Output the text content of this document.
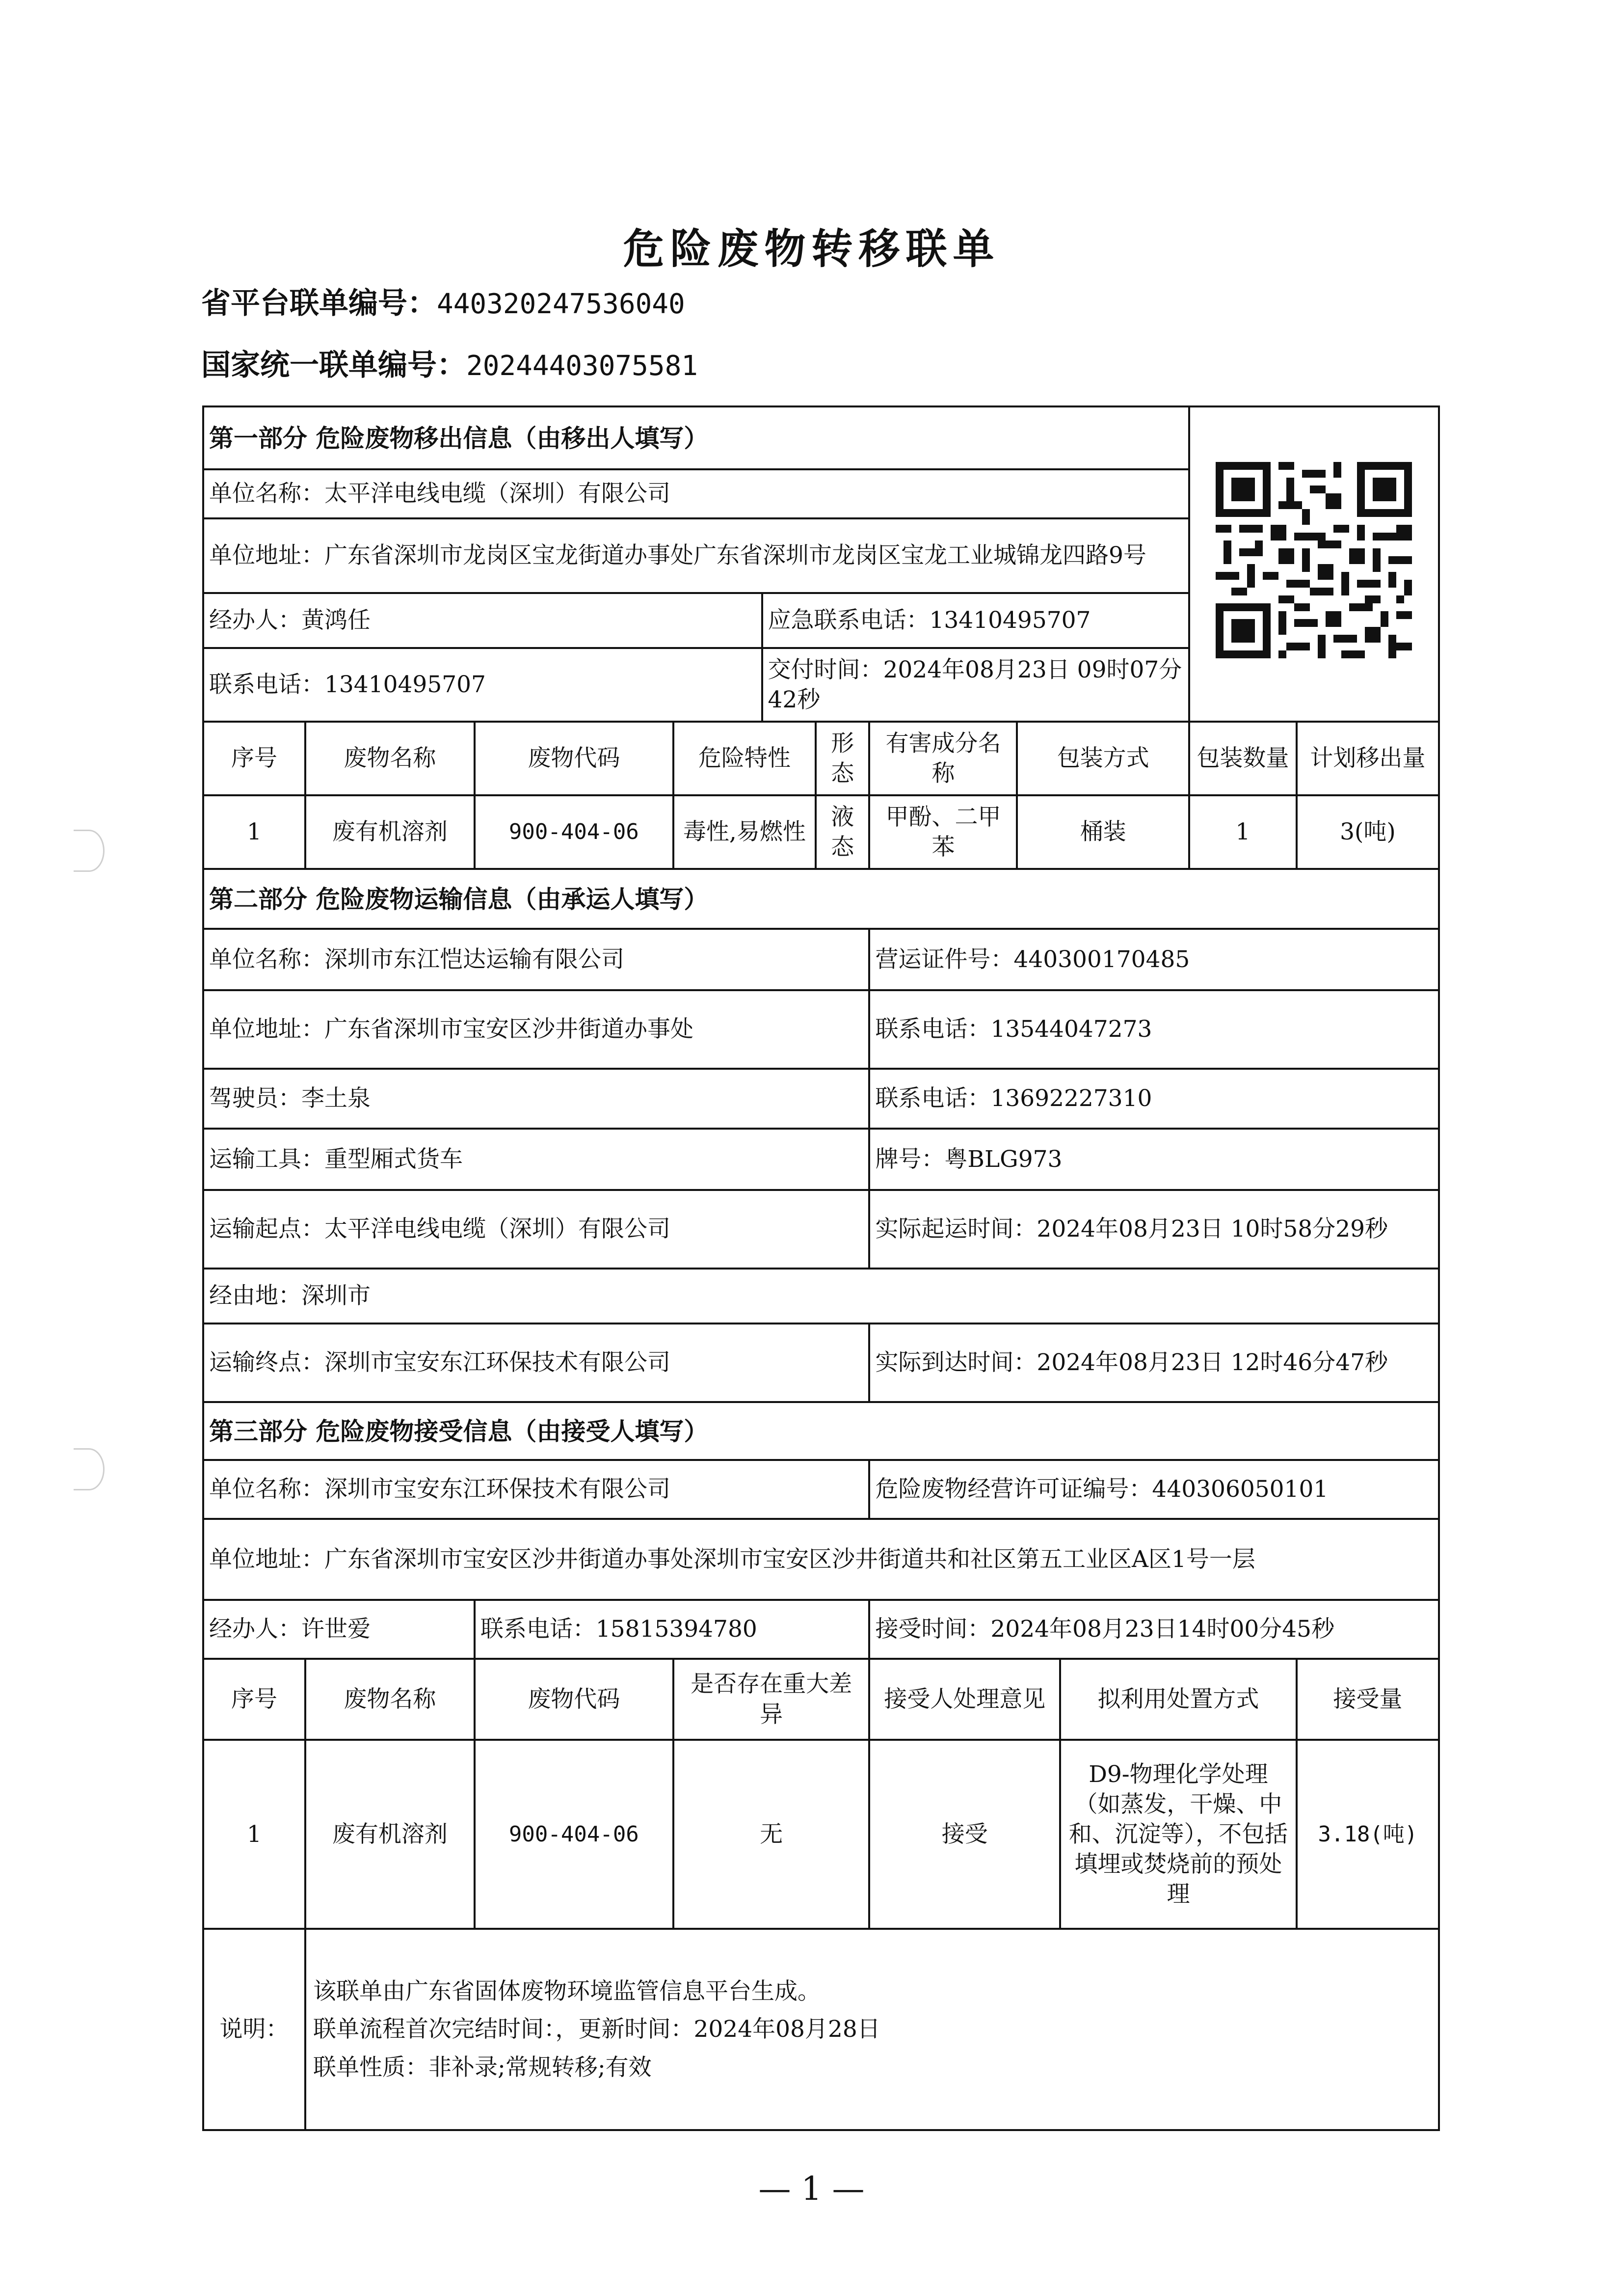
危险废物转移联单
省平台联单编号：440320247536040
国家统一联单编号：20244403075581
第一部分 危险废物移出信息（由移出人填写）	
单位名称：太平洋电线电缆（深圳）有限公司										
单位地址：广东省深圳市龙岗区宝龙街道办事处广东省深圳市龙岗区宝龙工业城锦龙四路9号										
经办人：黄鸿任				应急联系电话：13410495707						
联系电话：13410495707				交付时间：2024年08月23日 09时07分42秒						
序号	废物名称	废物代码	危险特性		形态	有害成分名称	包装方式		包装数量	计划移出量
1	废有机溶剂	900-404-06	毒性,易燃性		液态	甲酚、二甲苯	桶装		1	3(吨)
第二部分 危险废物运输信息（由承运人填写）										
单位名称：深圳市东江恺达运输有限公司						营运证件号：440300170485				
单位地址：广东省深圳市宝安区沙井街道办事处						联系电话：13544047273				
驾驶员：李土泉						联系电话：13692227310				
运输工具：重型厢式货车						牌号：粤BLG973				
运输起点：太平洋电线电缆（深圳）有限公司						实际起运时间：2024年08月23日 10时58分29秒				
经由地：深圳市										
运输终点：深圳市宝安东江环保技术有限公司						实际到达时间：2024年08月23日 12时46分47秒				
第三部分 危险废物接受信息（由接受人填写）										
单位名称：深圳市宝安东江环保技术有限公司						危险废物经营许可证编号：440306050101				
单位地址：广东省深圳市宝安区沙井街道办事处深圳市宝安区沙井街道共和社区第五工业区A区1号一层										
经办人：许世爱		联系电话：15815394780				接受时间：2024年08月23日14时00分45秒				
序号	废物名称	废物代码	是否存在重大差异			接受人处理意见		拟利用处置方式		接受量
1	废有机溶剂	900-404-06	无			接受		D9-物理化学处理（如蒸发，干燥、中和、沉淀等），不包括填埋或焚烧前的预处理		3.18(吨)
说明：	该联单由广东省固体废物环境监管信息平台生成。
联单流程首次完结时间：，更新时间：2024年08月28日
联单性质：非补录;常规转移;有效									
— 1 —
